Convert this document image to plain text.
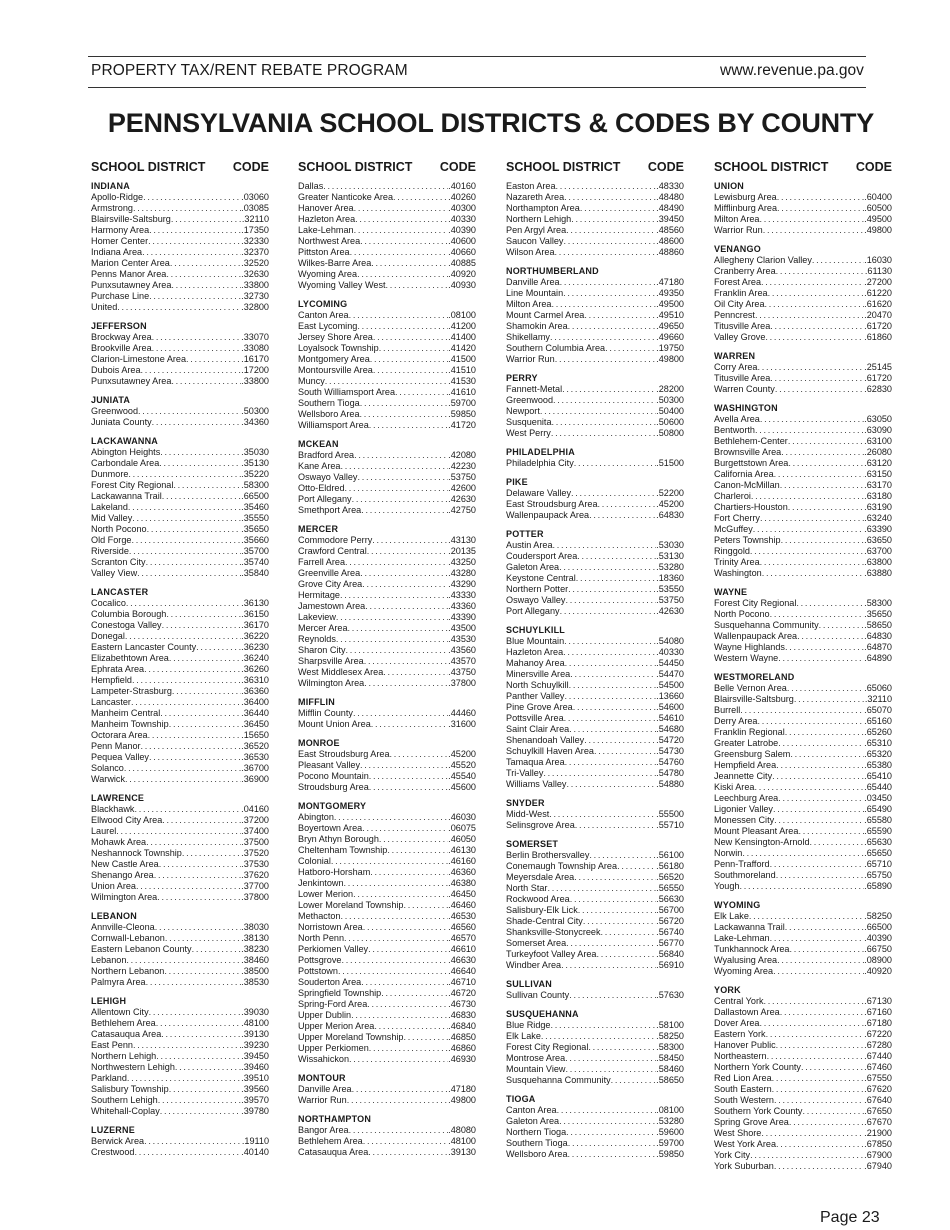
PROPERTY TAX/RENT REBATE PROGRAM	www.revenue.pa.gov
PENNSYLVANIA SCHOOL DISTRICTS & CODES BY COUNTY
SCHOOL DISTRICT CODE
INDIANA
Apollo-Ridge . . .	.03060
Armstrong . . .	.03085
Blairsville-Saltsburg . . .	.32110
Harmony Area . . .	.17350
Homer Center . . .	.32330
Indiana Area . . .	.32370
Marion Center Area . . .	.32520
Penns Manor Area . . .	.32630
Punxsutawney Area . . .	.33800
Purchase Line . . .	.32730
United . . .	.32800
JEFFERSON
Brockway Area . . .	.33070
Brookville Area . . .	.33080
Clarion-Limestone Area . . .	.16170
Dubois Area . . .	.17200
Punxsutawney Area . . .	.33800
JUNIATA
Greenwood . . .	.50300
Juniata County . . .	.34360
LACKAWANNA
Abington Heights . . .	.35030
Carbondale Area . . .	.35130
Dunmore . . .	.35220
Forest City Regional . . .	.58300
Lackawanna Trail . . .	.66500
Lakeland . . .	.35460
Mid Valley . . .	.35550
North Pocono . . .	.35650
Old Forge . . .	.35660
Riverside . . .	.35700
Scranton City . . .	.35740
Valley View . . .	.35840
LANCASTER
Cocalico . . .	.36130
Columbia Borough . . .	.36150
Conestoga Valley . . .	.36170
Donegal . . .	.36220
Eastern Lancaster County . . .	.36230
Elizabethtown Area . . .	.36240
Ephrata Area . . .	.36260
Hempfield . . .	.36310
Lampeter-Strasburg . . .	.36360
Lancaster . . .	.36400
Manheim Central . . .	.36440
Manheim Township . . .	.36450
Octorara Area . . .	.15650
Penn Manor . . .	.36520
Pequea Valley . . .	.36530
Solanco . . .	.36700
Warwick . . .	.36900
LAWRENCE
Blackhawk . . .	.04160
Ellwood City Area . . .	.37200
Laurel . . .	.37400
Mohawk Area . . .	.37500
Neshannock Township . . .	.37520
New Castle Area . . .	.37530
Shenango Area . . .	.37620
Union Area . . .	.37700
Wilmington Area . . .	.37800
LEBANON
Annville-Cleona . . .	.38030
Cornwall-Lebanon . . .	.38130
Eastern Lebanon County . . .	.38230
Lebanon . . .	.38460
Northern Lebanon . . .	.38500
Palmyra Area . . .	.38530
LEHIGH
Allentown City . . .	.39030
Bethlehem Area . . .	.48100
Catasauqua Area . . .	.39130
East Penn . . .	.39230
Northern Lehigh . . .	.39450
Northwestern Lehigh . . .	.39460
Parkland . . .	.39510
Salisbury Township . . .	.39560
Southern Lehigh . . .	.39570
Whitehall-Coplay . . .	.39780
LUZERNE
Berwick Area . . .	.19110
Crestwood . . .	.40140
SCHOOL DISTRICT CODE
Dallas . . .	.40160
Greater Nanticoke Area . . .	.40260
Hanover Area . . .	.40300
Hazleton Area . . .	.40330
Lake-Lehman . . .	.40390
Northwest Area . . .	.40600
Pittston Area . . .	.40660
Wilkes-Barre Area . . .	.40885
Wyoming Area . . .	.40920
Wyoming Valley West . . .	.40930
LYCOMING
Canton Area . . .	.08100
East Lycoming . . .	.41200
Jersey Shore Area . . .	.41400
Loyalsock Township . . .	.41420
Montgomery Area . . .	.41500
Montoursville Area . . .	.41510
Muncy . . .	.41530
South Williamsport Area . . .	.41610
Southern Tioga . . .	.59700
Wellsboro Area . . .	.59850
Williamsport Area . . .	.41720
MCKEAN
Bradford Area . . .	.42080
Kane Area . . .	.42230
Oswayo Valley . . .	.53750
Otto-Eldred . . .	.42600
Port Allegany . . .	.42630
Smethport Area . . .	.42750
MERCER
Commodore Perry . . .	.43130
Crawford Central . . .	.20135
Farrell Area . . .	.43250
Greenville Area . . .	.43280
Grove City Area . . .	.43290
Hermitage . . .	.43330
Jamestown Area . . .	.43360
Lakeview . . .	.43390
Mercer Area . . .	.43500
Reynolds . . .	.43530
Sharon City . . .	.43560
Sharpsville Area . . .	.43570
West Middlesex Area . . .	.43750
Wilmington Area . . .	.37800
MIFFLIN
Mifflin County . . .	.44460
Mount Union Area . . .	.31600
MONROE
East Stroudsburg Area . . .	.45200
Pleasant Valley . . .	.45520
Pocono Mountain . . .	.45540
Stroudsburg Area . . .	.45600
MONTGOMERY
Abington . . .	.46030
Boyertown Area . . .	.06075
Bryn Athyn Borough . . .	.46050
Cheltenham Township . . .	.46130
Colonial . . .	.46160
Hatboro-Horsham . . .	.46360
Jenkintown . . .	.46380
Lower Merion . . .	.46450
Lower Moreland Township . . .	.46460
Methacton . . .	.46530
Norristown Area . . .	.46560
North Penn . . .	.46570
Perkiomen Valley . . .	.46610
Pottsgrove . . .	.46630
Pottstown . . .	.46640
Souderton Area . . .	.46710
Springfield Township . . .	.46720
Spring-Ford Area . . .	.46730
Upper Dublin . . .	.46830
Upper Merion Area . . .	.46840
Upper Moreland Township . . .	.46850
Upper Perkiomen . . .	.46860
Wissahickon . . .	.46930
MONTOUR
Danville Area . . .	.47180
Warrior Run . . .	.49800
NORTHAMPTON
Bangor Area . . .	.48080
Bethlehem Area . . .	.48100
Catasauqua Area . . .	.39130
SCHOOL DISTRICT CODE
Easton Area . . .	.48330
Nazareth Area . . .	.48480
Northampton Area . . .	.48490
Northern Lehigh . . .	.39450
Pen Argyl Area . . .	.48560
Saucon Valley . . .	.48600
Wilson Area . . .	.48860
NORTHUMBERLAND
Danville Area . . .	.47180
Line Mountain . . .	.49350
Milton Area . . .	.49500
Mount Carmel Area . . .	.49510
Shamokin Area . . .	.49650
Shikellamy . . .	.49660
Southern Columbia Area . . .	.19750
Warrior Run . . .	.49800
PERRY
Fannett-Metal . . .	.28200
Greenwood . . .	.50300
Newport . . .	.50400
Susquenita . . .	.50600
West Perry . . .	.50800
PHILADELPHIA
Philadelphia City . . .	.51500
PIKE
Delaware Valley . . .	.52200
East Stroudsburg Area . . .	.45200
Wallenpaupack Area . . .	.64830
POTTER
Austin Area . . .	.53030
Coudersport Area . . .	.53130
Galeton Area . . .	.53280
Keystone Central . . .	.18360
Northern Potter . . .	.53550
Oswayo Valley . . .	.53750
Port Allegany . . .	.42630
SCHUYLKILL
Blue Mountain . . .	.54080
Hazleton Area . . .	.40330
Mahanoy Area . . .	.54450
Minersville Area . . .	.54470
North Schuylkill . . .	.54500
Panther Valley . . .	.13660
Pine Grove Area . . .	.54600
Pottsville Area . . .	.54610
Saint Clair Area . . .	.54680
Shenandoah Valley . . .	.54720
Schuylkill Haven Area . . .	.54730
Tamaqua Area . . .	.54760
Tri-Valley . . .	.54780
Williams Valley . . .	.54880
SNYDER
Midd-West . . .	.55500
Selinsgrove Area . . .	.55710
SOMERSET
Berlin Brothersvalley . . .	.56100
Conemaugh Township Area . . .	.56180
Meyersdale Area . . .	.56520
North Star . . .	.56550
Rockwood Area . . .	.56630
Salisbury-Elk Lick . . .	.56700
Shade-Central City . . .	.56720
Shanksville-Stonycreek . . .	.56740
Somerset Area . . .	.56770
Turkeyfoot Valley Area . . .	.56840
Windber Area . . .	.56910
SULLIVAN
Sullivan County . . .	.57630
SUSQUEHANNA
Blue Ridge . . .	.58100
Elk Lake . . .	.58250
Forest City Regional . . .	.58300
Montrose Area . . .	.58450
Mountain View . . .	.58460
Susquehanna Community . . .	.58650
TIOGA
Canton Area . . .	.08100
Galeton Area . . .	.53280
Northern Tioga . . .	.59600
Southern Tioga . . .	.59700
Wellsboro Area . . .	.59850
SCHOOL DISTRICT CODE
UNION
Lewisburg Area . . .	.60400
Mifflinburg Area . . .	.60500
Milton Area . . .	.49500
Warrior Run . . .	.49800
VENANGO
Allegheny Clarion Valley . . .	.16030
Cranberry Area . . .	.61130
Forest Area . . .	.27200
Franklin Area . . .	.61220
Oil City Area . . .	.61620
Penncrest . . .	.20470
Titusville Area . . .	.61720
Valley Grove . . .	.61860
WARREN
Corry Area . . .	.25145
Titusville Area . . .	.61720
Warren County . . .	.62830
WASHINGTON
Avella Area . . .	.63050
Bentworth . . .	.63090
Bethlehem-Center . . .	.63100
Brownsville Area . . .	.26080
Burgettstown Area . . .	.63120
California Area . . .	.63150
Canon-McMillan . . .	.63170
Charleroi . . .	.63180
Chartiers-Houston . . .	.63190
Fort Cherry . . .	.63240
McGuffey . . .	.63390
Peters Township . . .	.63650
Ringgold . . .	.63700
Trinity Area . . .	.63800
Washington . . .	.63880
WAYNE
Forest City Regional . . .	.58300
North Pocono . . .	.35650
Susquehanna Community . . .	.58650
Wallenpaupack Area . . .	.64830
Wayne Highlands . . .	.64870
Western Wayne . . .	.64890
WESTMORELAND
Belle Vernon Area . . .	.65060
Blairsville-Saltsburg . . .	.32110
Burrell . . .	.65070
Derry Area . . .	.65160
Franklin Regional . . .	.65260
Greater Latrobe . . .	.65310
Greensburg Salem . . .	.65320
Hempfield Area . . .	.65380
Jeannette City . . .	.65410
Kiski Area . . .	.65440
Leechburg Area . . .	.03450
Ligonier Valley . . .	.65490
Monessen City . . .	.65580
Mount Pleasant Area . . .	.65590
New Kensington-Arnold . . .	.65630
Norwin . . .	.65650
Penn-Trafford . . .	.65710
Southmoreland . . .	.65750
Yough . . .	.65890
WYOMING
Elk Lake . . .	.58250
Lackawanna Trail . . .	.66500
Lake-Lehman . . .	.40390
Tunkhannock Area . . .	.66750
Wyalusing Area . . .	.08900
Wyoming Area . . .	.40920
YORK
Central York . . .	.67130
Dallastown Area . . .	.67160
Dover Area . . .	.67180
Eastern York . . .	.67220
Hanover Public . . .	.67280
Northeastern . . .	.67440
Northern York County . . .	.67460
Red Lion Area . . .	.67550
South Eastern . . .	.67620
South Western . . .	.67640
Southern York County . . .	.67650
Spring Grove Area . . .	.67670
West Shore . . .	.21900
West York Area . . .	.67850
York City . . .	.67900
York Suburban . . .	.67940
Page 23
